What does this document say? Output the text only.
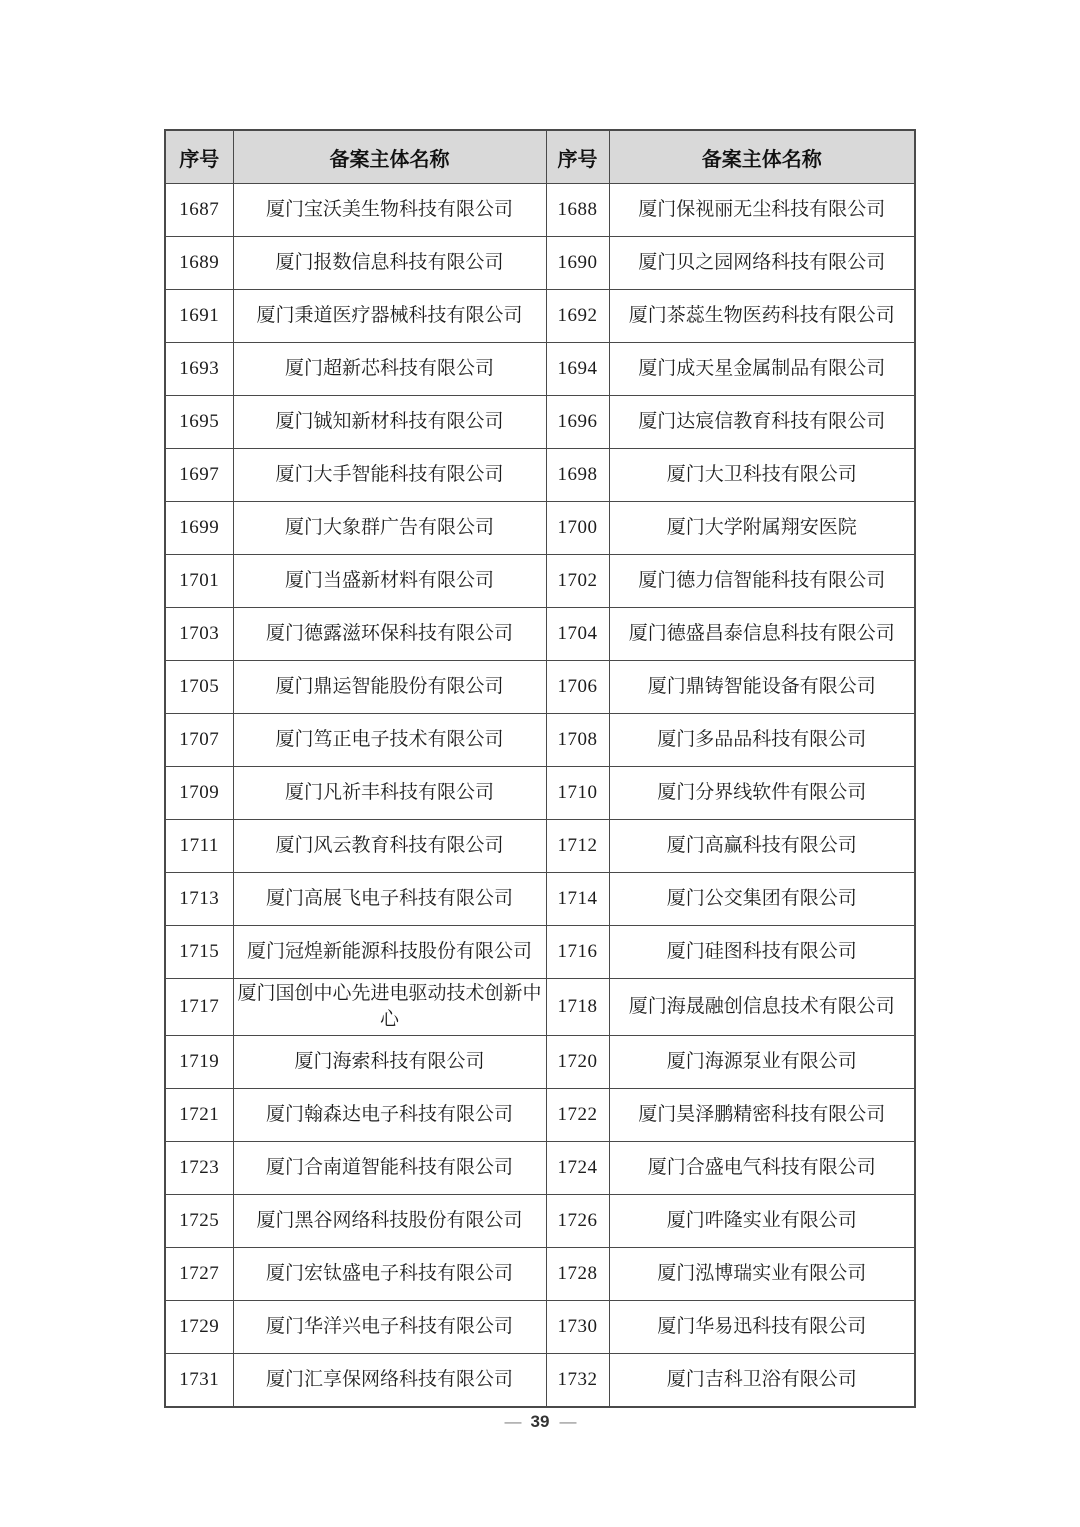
序号	备案主体名称	序号	备案主体名称
1687	厦门宝沃美生物科技有限公司	1688	厦门保视丽无尘科技有限公司
1689	厦门报数信息科技有限公司	1690	厦门贝之园网络科技有限公司
1691	厦门秉道医疗器械科技有限公司	1692	厦门茶蕊生物医药科技有限公司
1693	厦门超新芯科技有限公司	1694	厦门成天星金属制品有限公司
1695	厦门铖知新材科技有限公司	1696	厦门达宸信教育科技有限公司
1697	厦门大手智能科技有限公司	1698	厦门大卫科技有限公司
1699	厦门大象群广告有限公司	1700	厦门大学附属翔安医院
1701	厦门当盛新材料有限公司	1702	厦门德力信智能科技有限公司
1703	厦门德露滋环保科技有限公司	1704	厦门德盛昌泰信息科技有限公司
1705	厦门鼎运智能股份有限公司	1706	厦门鼎铸智能设备有限公司
1707	厦门笃正电子技术有限公司	1708	厦门多品品科技有限公司
1709	厦门凡祈丰科技有限公司	1710	厦门分界线软件有限公司
1711	厦门风云教育科技有限公司	1712	厦门高赢科技有限公司
1713	厦门高展飞电子科技有限公司	1714	厦门公交集团有限公司
1715	厦门冠煌新能源科技股份有限公司	1716	厦门硅图科技有限公司
1717	厦门国创中心先进电驱动技术创新中心	1718	厦门海晟融创信息技术有限公司
1719	厦门海索科技有限公司	1720	厦门海源泵业有限公司
1721	厦门翰森达电子科技有限公司	1722	厦门昊泽鹏精密科技有限公司
1723	厦门合南道智能科技有限公司	1724	厦门合盛电气科技有限公司
1725	厦门黑谷网络科技股份有限公司	1726	厦门吽隆实业有限公司
1727	厦门宏钛盛电子科技有限公司	1728	厦门泓博瑞实业有限公司
1729	厦门华洋兴电子科技有限公司	1730	厦门华易迅科技有限公司
1731	厦门汇享保网络科技有限公司	1732	厦门吉科卫浴有限公司
— 39 —
